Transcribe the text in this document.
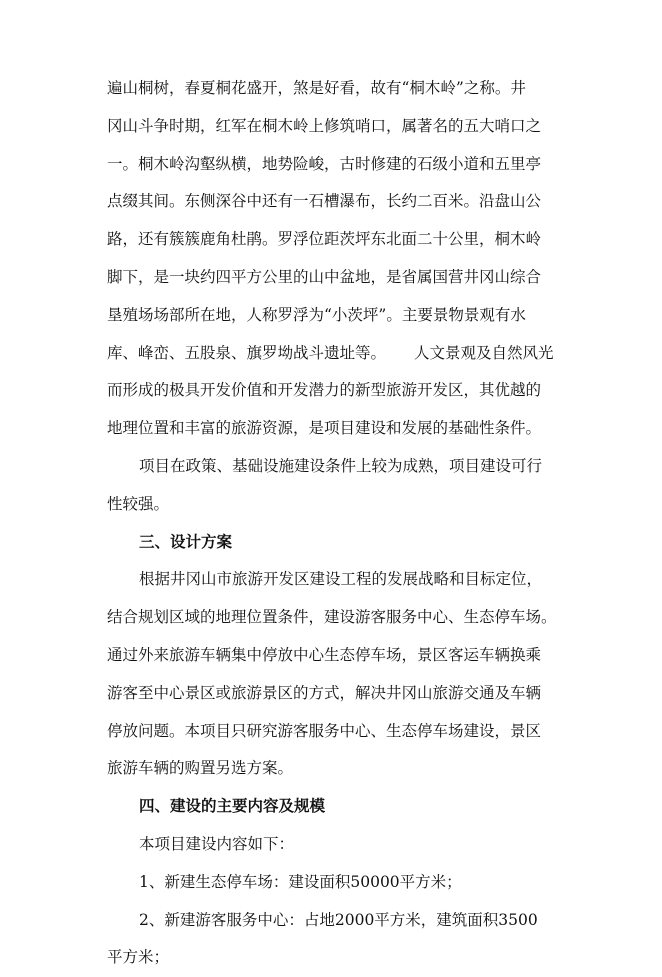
遍山桐树，春夏桐花盛开，煞是好看，故有“桐木岭”之称。井
冈山斗争时期，红军在桐木岭上修筑哨口，属著名的五大哨口之
一。桐木岭沟壑纵横，地势险峻，古时修建的石级小道和五里亭
点缀其间。东侧深谷中还有一石槽瀑布，长约二百米。沿盘山公
路，还有簇簇鹿角杜鹃。罗浮位距茨坪东北面二十公里，桐木岭
脚下，是一块约四平方公里的山中盆地，是省属国营井冈山综合
垦殖场场部所在地，人称罗浮为“小茨坪”。主要景物景观有水
库、峰峦、五股泉、旗罗坳战斗遗址等。 人文景观及自然风光
而形成的极具开发价值和开发潜力的新型旅游开发区，其优越的
地理位置和丰富的旅游资源，是项目建设和发展的基础性条件。
项目在政策、基础设施建设条件上较为成熟，项目建设可行
性较强。
三、设计方案
根据井冈山市旅游开发区建设工程的发展战略和目标定位，
结合规划区域的地理位置条件，建设游客服务中心、生态停车场。
通过外来旅游车辆集中停放中心生态停车场，景区客运车辆换乘
游客至中心景区或旅游景区的方式，解决井冈山旅游交通及车辆
停放问题。本项目只研究游客服务中心、生态停车场建设，景区
旅游车辆的购置另选方案。
四、建设的主要内容及规模
本项目建设内容如下：
1、新建生态停车场：建设面积50000平方米；
2、新建游客服务中心：占地2000平方米，建筑面积3500
平方米；
